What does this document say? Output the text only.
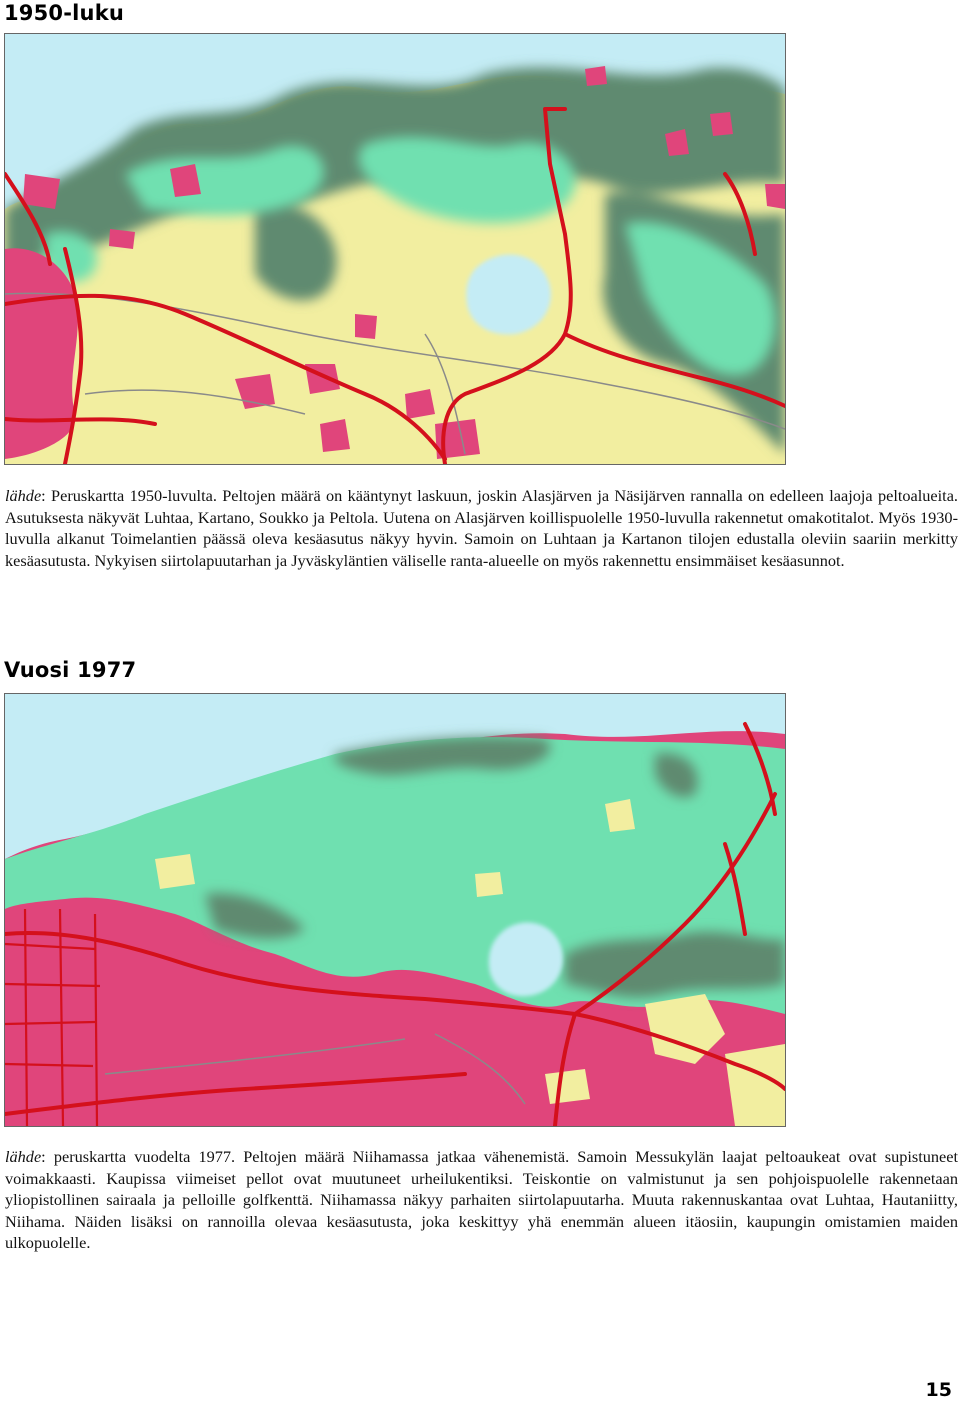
1950-luku

lähde: Peruskartta 1950-luvulta. Peltojen määrä on kääntynyt laskuun, joskin Alasjärven ja Näsijärven rannalla on edelleen laajoja peltoalueita. Asutuksesta näkyvät Luhtaa, Kartano, Soukko ja Peltola. Uutena on Alasjärven koillispuolelle 1950-luvulla rakennetut omakotitalot. Myös 1930-luvulla alkanut Toimelantien päässä oleva kesäasutus näkyy hyvin. Samoin on Luhtaan ja Kartanon tilojen edustalla oleviin saariin merkitty kesäasutusta. Nykyisen siirtolapuutarhan ja Jyväskyläntien väliselle ranta-alueelle on myös rakennettu ensimmäiset kesäasunnot.

Vuosi 1977

lähde: peruskartta vuodelta 1977. Peltojen määrä Niihamassa jatkaa vähenemistä. Samoin Messukylän laajat peltoaukeat ovat supistuneet voimakkaasti. Kaupissa viimeiset pellot ovat muutuneet urheilukentiksi. Teiskontie on valmistunut ja sen pohjoispuolelle rakennetaan yliopistollinen sairaala ja pelloille golfkenttä. Niihamassa näkyy parhaiten siirtolapuutarha. Muuta rakennuskantaa ovat Luhtaa, Hautaniitty, Niihama. Näiden lisäksi on rannoilla olevaa kesäasutusta, joka keskittyy yhä enemmän alueen itäosiin, kaupungin omistamien maiden ulkopuolelle.

15
